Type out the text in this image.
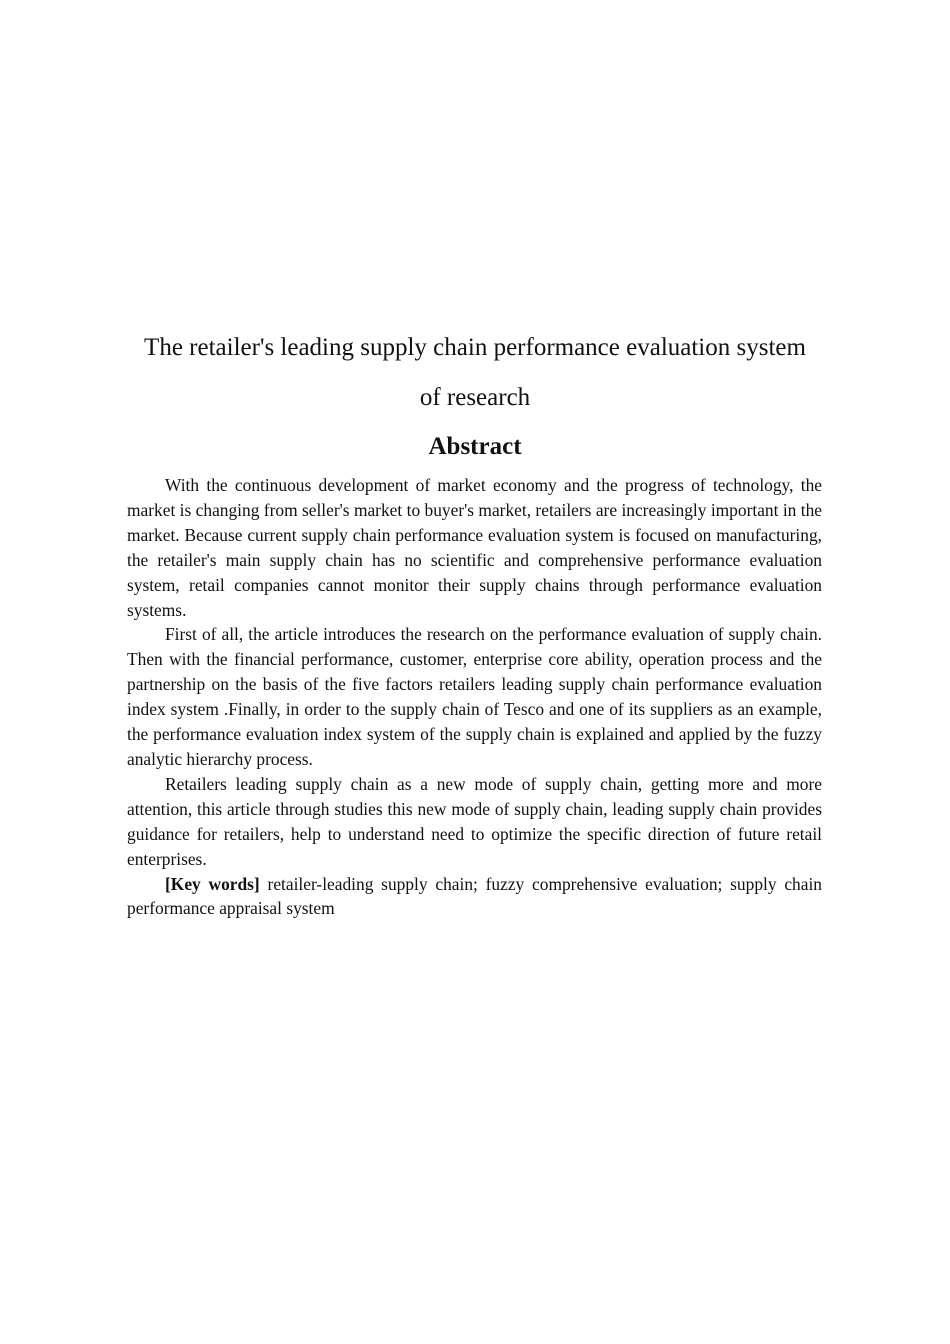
The retailer's leading supply chain performance evaluation system
of research
Abstract

With the continuous development of market economy and the progress of technology, the market is changing from seller's market to buyer's market, retailers are increasingly important in the market. Because current supply chain performance evaluation system is focused on manufacturing, the retailer's main supply chain has no scientific and comprehensive performance evaluation system, retail companies cannot monitor their supply chains through performance evaluation systems.

First of all, the article introduces the research on the performance evaluation of supply chain. Then with the financial performance, customer, enterprise core ability, operation process and the partnership on the basis of the five factors retailers leading supply chain performance evaluation index system .Finally, in order to the supply chain of Tesco and one of its suppliers as an example, the performance evaluation index system of the supply chain is explained and applied by the fuzzy analytic hierarchy process.

Retailers leading supply chain as a new mode of supply chain, getting more and more attention, this article through studies this new mode of supply chain, leading supply chain provides guidance for retailers, help to understand need to optimize the specific direction of future retail enterprises.

[Key words] retailer-leading supply chain; fuzzy comprehensive evaluation; supply chain performance appraisal system
